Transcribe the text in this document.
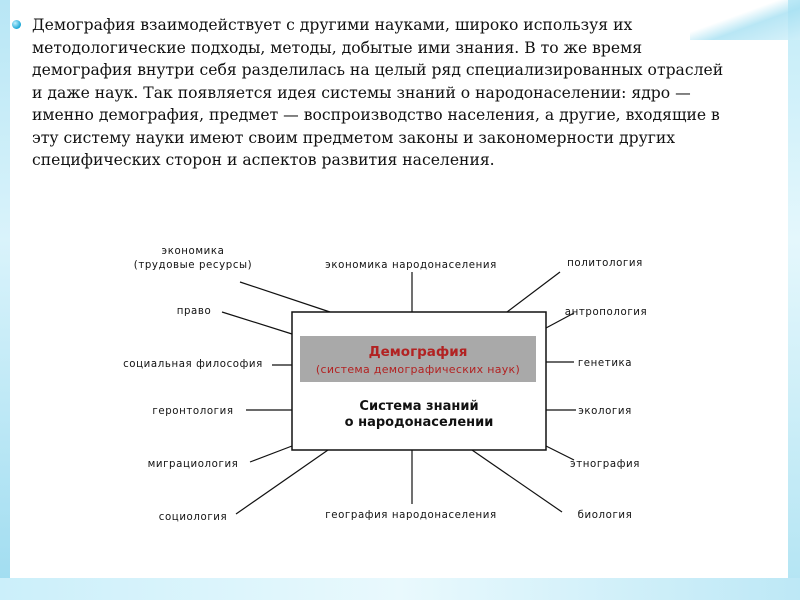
Демография взаимодействует с другими науками, широко используя их методологические подходы, методы, добытые ими знания. В то же время демография внутри себя разделилась на целый ряд специализированных отраслей и даже наук. Так появляется идея системы знаний о народонаселении: ядро — именно демография, предмет — воспроизводство населения, а другие, входящие в эту систему науки имеют своим предметом законы и закономерности других специфических сторон и аспектов развития населения.

Демография
(система демографических наук)
Система знаний
о народонаселении
экономика
(трудовые ресурсы)	экономика народонаселения	политология
право	антропология
социальная философия	генетика
геронтология	экология
миграциология	этнография
социология	география народонаселения	биология
